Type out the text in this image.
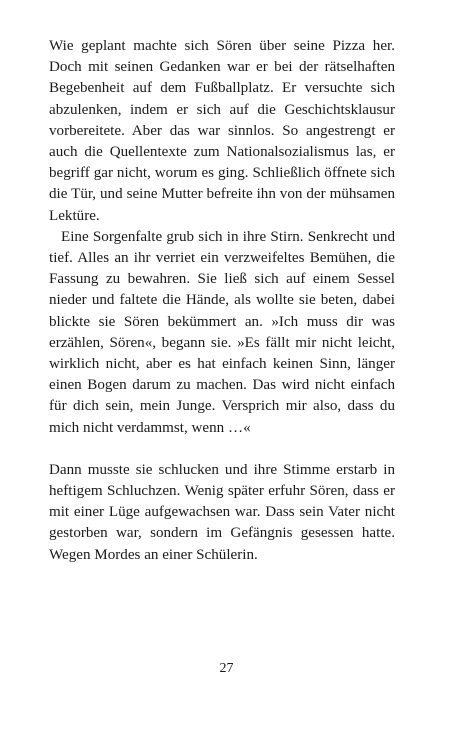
Wie geplant machte sich Sören über seine Pizza her. Doch mit seinen Gedanken war er bei der rätselhaften Begebenheit auf dem Fußballplatz. Er versuchte sich abzulenken, indem er sich auf die Geschichtsklausur vorbereitete. Aber das war sinnlos. So angestrengt er auch die Quellentexte zum Nationalsozialismus las, er begriff gar nicht, worum es ging. Schließlich öffnete sich die Tür, und seine Mutter befreite ihn von der mühsamen Lektüre.

Eine Sorgenfalte grub sich in ihre Stirn. Senkrecht und tief. Alles an ihr verriet ein verzweifeltes Bemühen, die Fassung zu bewahren. Sie ließ sich auf einem Sessel nieder und faltete die Hände, als wollte sie beten, dabei blickte sie Sören bekümmert an. »Ich muss dir was erzählen, Sören«, begann sie. »Es fällt mir nicht leicht, wirklich nicht, aber es hat einfach keinen Sinn, länger einen Bogen darum zu machen. Das wird nicht einfach für dich sein, mein Junge. Versprich mir also, dass du mich nicht verdammst, wenn …«

Dann musste sie schlucken und ihre Stimme erstarb in heftigem Schluchzen. Wenig später erfuhr Sören, dass er mit einer Lüge aufgewachsen war. Dass sein Vater nicht gestorben war, sondern im Gefängnis gesessen hatte. Wegen Mordes an einer Schülerin.

27
